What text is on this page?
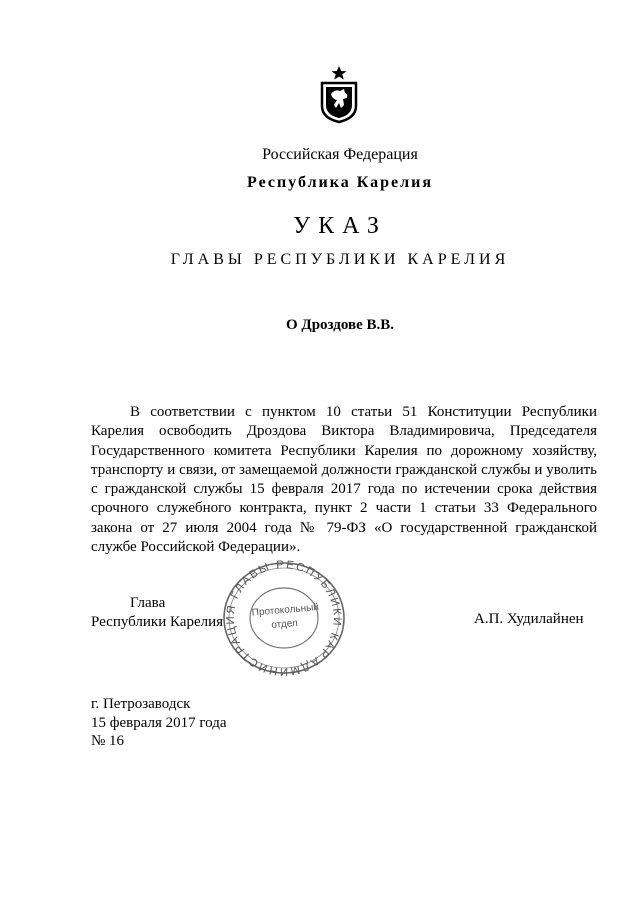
Российская Федерация
Республика Карелия
УКАЗ
ГЛАВЫ РЕСПУБЛИКИ КАРЕЛИЯ
О Дроздове В.В.

В соответствии с пунктом 10 статьи 51 Конституции Республики Карелия освободить Дроздова Виктора Владимировича, Председателя Государственного комитета Республики Карелия по дорожному хозяйству, транспорту и связи, от замещаемой должности гражданской службы и уволить с гражданской службы 15 февраля 2017 года по истечении срока действия срочного служебного контракта, пункт 2 части 1 статьи 33 Федерального закона от 27 июля 2004 года № 79-ФЗ «О государственной гражданской службе Российской Федерации».

Глава
Республики Карелия
АДМИНИСТРАЦИЯ ГЛАВЫ РЕСПУБЛИКИ КАРЕЛИЯ
Протокольный
отдел	А.П. Худилайнен
г. Петрозаводск
15 февраля 2017 года
№ 16
